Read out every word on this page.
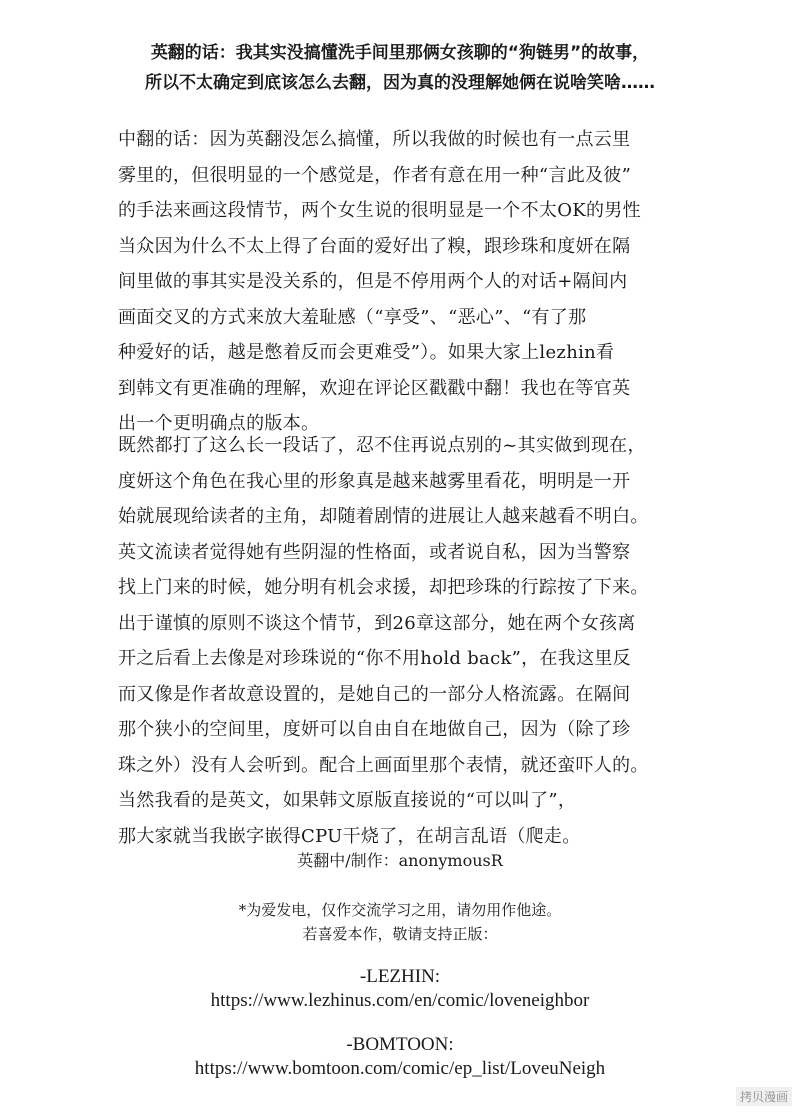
英翻的话：我其实没搞懂洗手间里那俩女孩聊的“狗链男”的故事，
所以不太确定到底该怎么去翻，因为真的没理解她俩在说啥笑啥……
中翻的话：因为英翻没怎么搞懂，所以我做的时候也有一点云里
雾里的，但很明显的一个感觉是，作者有意在用一种“言此及彼”
的手法来画这段情节，两个女生说的很明显是一个不太OK的男性
当众因为什么不太上得了台面的爱好出了糗，跟珍珠和度妍在隔
间里做的事其实是没关系的，但是不停用两个人的对话+隔间内
画面交叉的方式来放大羞耻感（“享受”、“恶心”、“有了那
种爱好的话，越是憋着反而会更难受”）。如果大家上lezhin看
到韩文有更准确的理解，欢迎在评论区戳戳中翻！我也在等官英
出一个更明确点的版本。
既然都打了这么长一段话了，忍不住再说点别的~其实做到现在，
度妍这个角色在我心里的形象真是越来越雾里看花，明明是一开
始就展现给读者的主角，却随着剧情的进展让人越来越看不明白。
英文流读者觉得她有些阴湿的性格面，或者说自私，因为当警察
找上门来的时候，她分明有机会求援，却把珍珠的行踪按了下来。
出于谨慎的原则不谈这个情节，到26章这部分，她在两个女孩离
开之后看上去像是对珍珠说的“你不用hold back”，在我这里反
而又像是作者故意设置的，是她自己的一部分人格流露。在隔间
那个狭小的空间里，度妍可以自由自在地做自己，因为（除了珍
珠之外）没有人会听到。配合上画面里那个表情，就还蛮吓人的。
当然我看的是英文，如果韩文原版直接说的“可以叫了”，
那大家就当我嵌字嵌得CPU干烧了，在胡言乱语（爬走。
英翻中/制作：anonymousR
*为爱发电，仅作交流学习之用，请勿用作他途。
若喜爱本作，敬请支持正版：
-LEZHIN:
https://www.lezhinus.com/en/comic/loveneighbor
-BOMTOON:
https://www.bomtoon.com/comic/ep_list/LoveuNeigh
拷贝漫画
